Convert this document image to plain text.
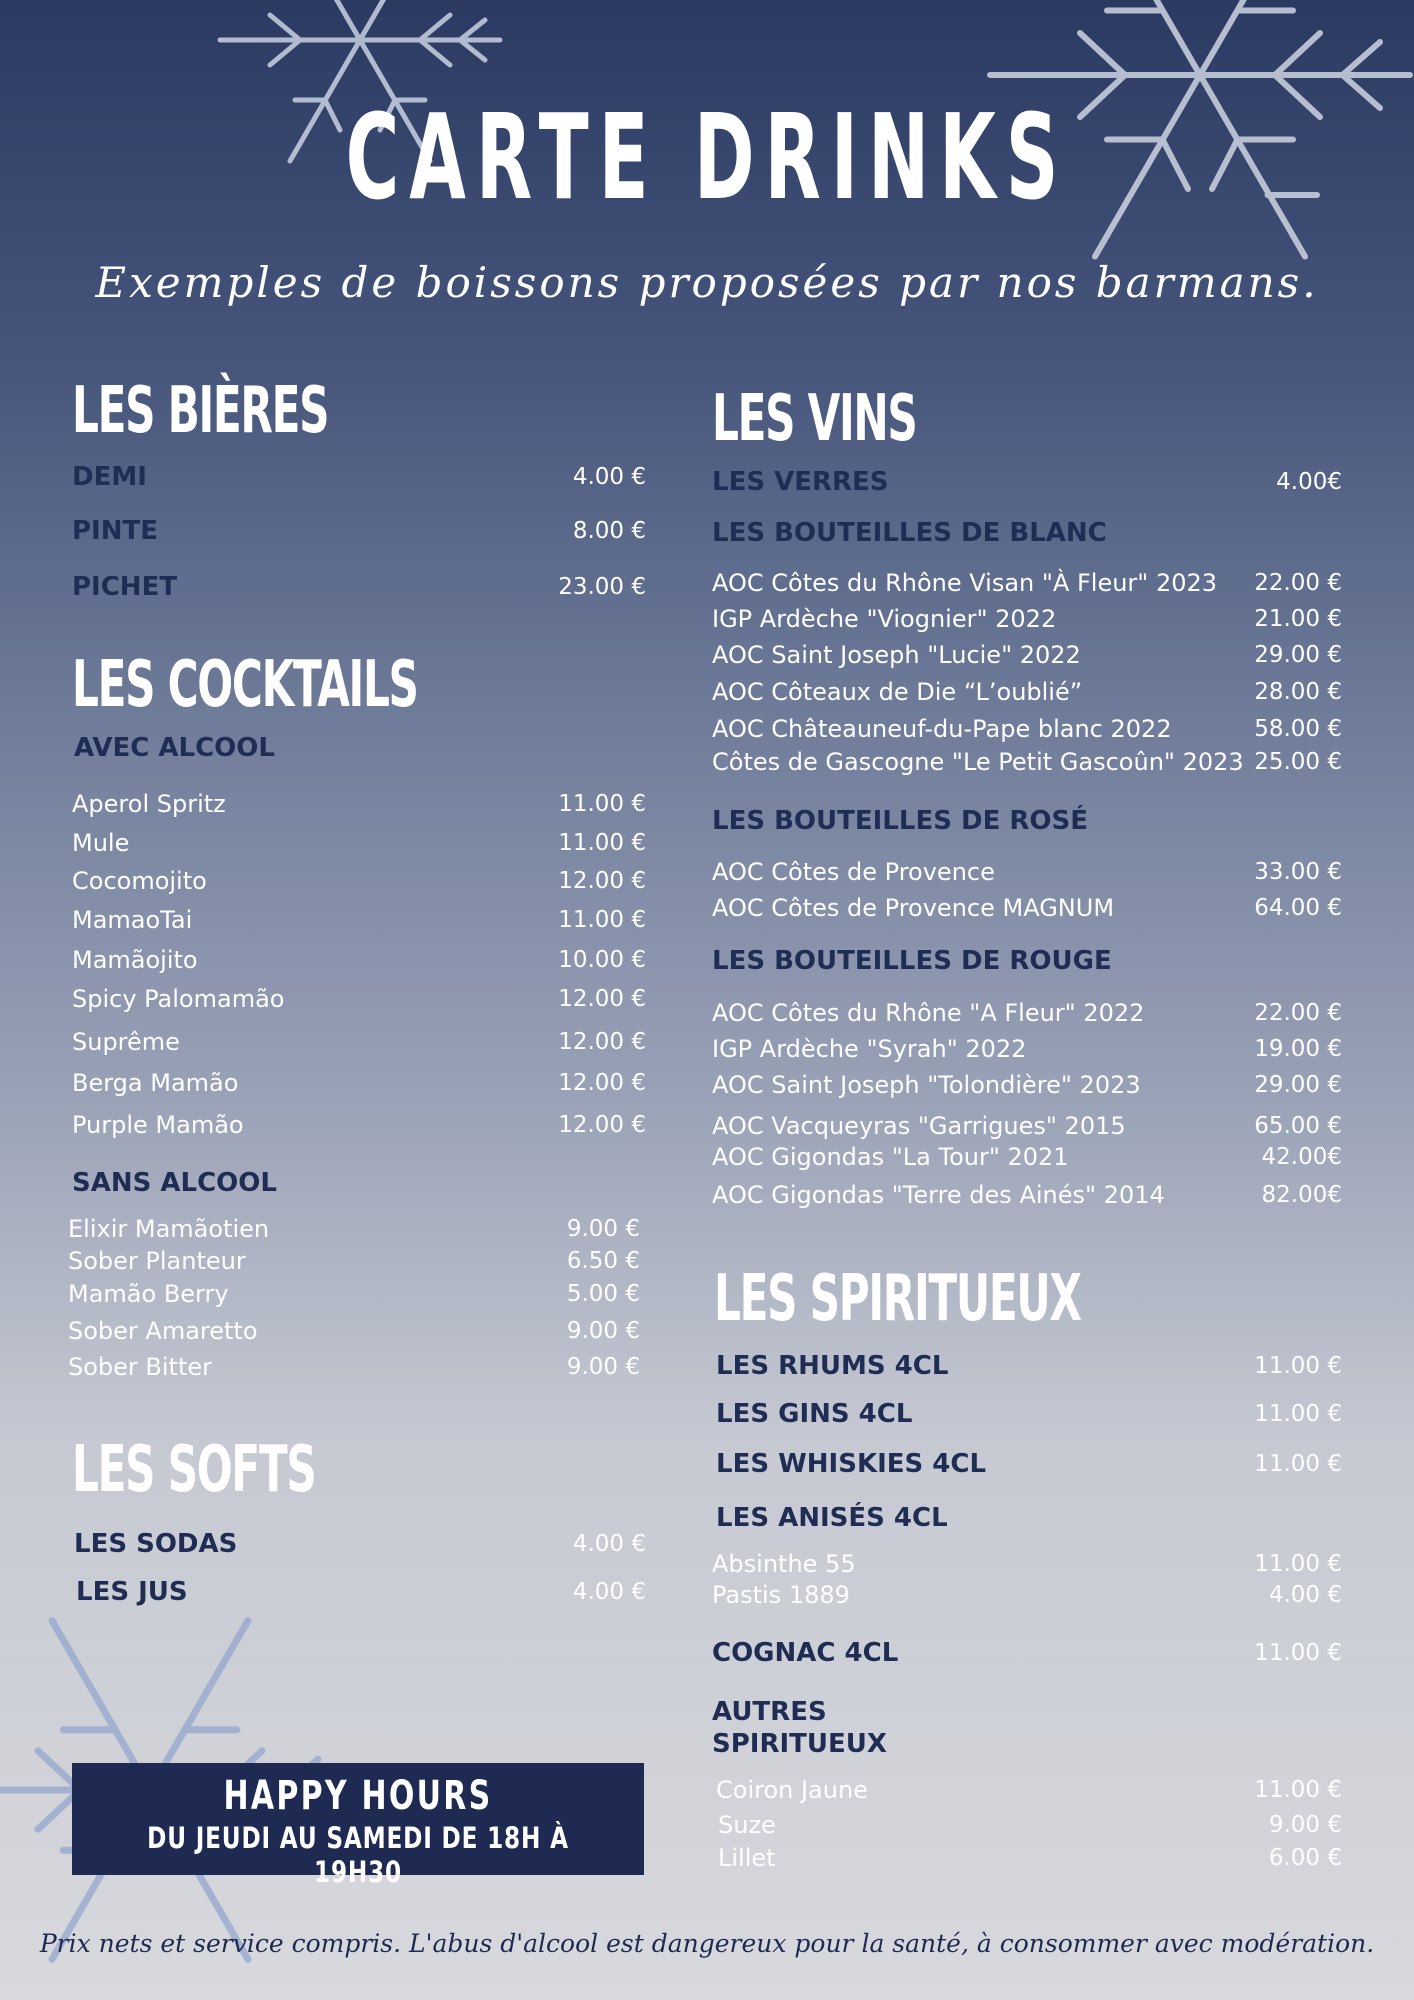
CARTE DRINKS
Exemples de boissons proposées par nos barmans.
LES BIÈRES
DEMI	4.00 €
PINTE	8.00 €
PICHET	23.00 €
LES COCKTAILS
AVEC ALCOOL
Aperol Spritz	11.00 €
Mule	11.00 €
Cocomojito	12.00 €
MamaoTai	11.00 €
Mamãojito	10.00 €
Spicy Palomamão	12.00 €
Suprême	12.00 €
Berga Mamão	12.00 €
Purple Mamão	12.00 €
SANS ALCOOL
Elixir Mamãotien	9.00 €
Sober Planteur	6.50 €
Mamão Berry	5.00 €
Sober Amaretto	9.00 €
Sober Bitter	9.00 €
LES SOFTS
LES SODAS	4.00 €
LES JUS	4.00 €
HAPPY HOURS
DU JEUDI AU SAMEDI DE 18H À 19H30
LES VINS
LES VERRES	4.00€
LES BOUTEILLES DE BLANC
AOC Côtes du Rhône Visan "À Fleur" 2023 22.00 €
IGP Ardèche "Viognier" 2022	21.00 €
AOC Saint Joseph "Lucie" 2022	29.00 €
AOC Côteaux de Die “L’oublié”	28.00 €
AOC Châteauneuf-du-Pape blanc 2022	58.00 €
Côtes de Gascogne "Le Petit Gascoûn" 2023 25.00 €
LES BOUTEILLES DE ROSÉ
AOC Côtes de Provence	33.00 €
AOC Côtes de Provence MAGNUM	64.00 €
LES BOUTEILLES DE ROUGE
AOC Côtes du Rhône "A Fleur" 2022	22.00 €
IGP Ardèche "Syrah" 2022	19.00 €
AOC Saint Joseph "Tolondière" 2023	29.00 €
AOC Vacqueyras "Garrigues" 2015	65.00 €
AOC Gigondas "La Tour" 2021	42.00€
AOC Gigondas "Terre des Ainés" 2014	82.00€
LES SPIRITUEUX
LES RHUMS 4CL	11.00 €
LES GINS 4CL	11.00 €
LES WHISKIES 4CL	11.00 €
LES ANISÉS 4CL
Absinthe 55	11.00 €
Pastis 1889	4.00 €
COGNAC 4CL	11.00 €
AUTRES
SPIRITUEUX
Coiron Jaune	11.00 €
Suze	9.00 €
Lillet	6.00 €
Prix nets et service compris. L'abus d'alcool est dangereux pour la santé, à consommer avec modération.
